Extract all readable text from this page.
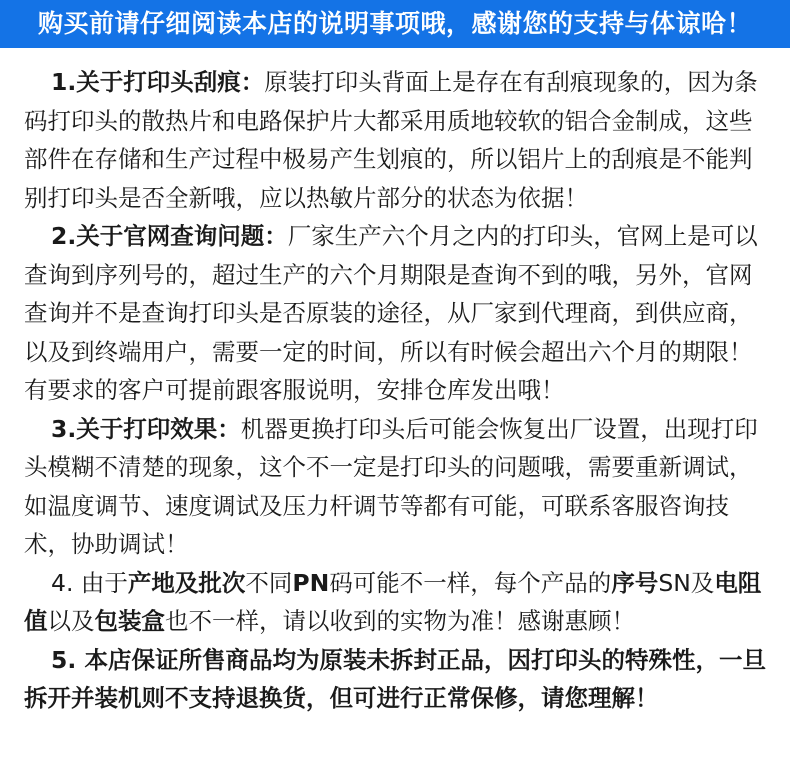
购买前请仔细阅读本店的说明事项哦，感谢您的支持与体谅哈！

1.关于打印头刮痕：原装打印头背面上是存在有刮痕现象的，因为条码打印头的散热片和电路保护片大都采用质地较软的铝合金制成，这些部件在存储和生产过程中极易产生划痕的，所以铝片上的刮痕是不能判别打印头是否全新哦，应以热敏片部分的状态为依据！

2.关于官网查询问题：厂家生产六个月之内的打印头，官网上是可以查询到序列号的，超过生产的六个月期限是查询不到的哦，另外，官网查询并不是查询打印头是否原装的途径，从厂家到代理商，到供应商，以及到终端用户，需要一定的时间，所以有时候会超出六个月的期限！有要求的客户可提前跟客服说明，安排仓库发出哦！

3.关于打印效果：机器更换打印头后可能会恢复出厂设置，出现打印头模糊不清楚的现象，这个不一定是打印头的问题哦，需要重新调试，如温度调节、速度调试及压力杆调节等都有可能，可联系客服咨询技术，协助调试！

4. 由于产地及批次不同PN码可能不一样，每个产品的序号SN及电阻值以及包装盒也不一样，请以收到的实物为准！感谢惠顾！

5. 本店保证所售商品均为原装未拆封正品，因打印头的特殊性，一旦拆开并装机则不支持退换货，但可进行正常保修，请您理解！
